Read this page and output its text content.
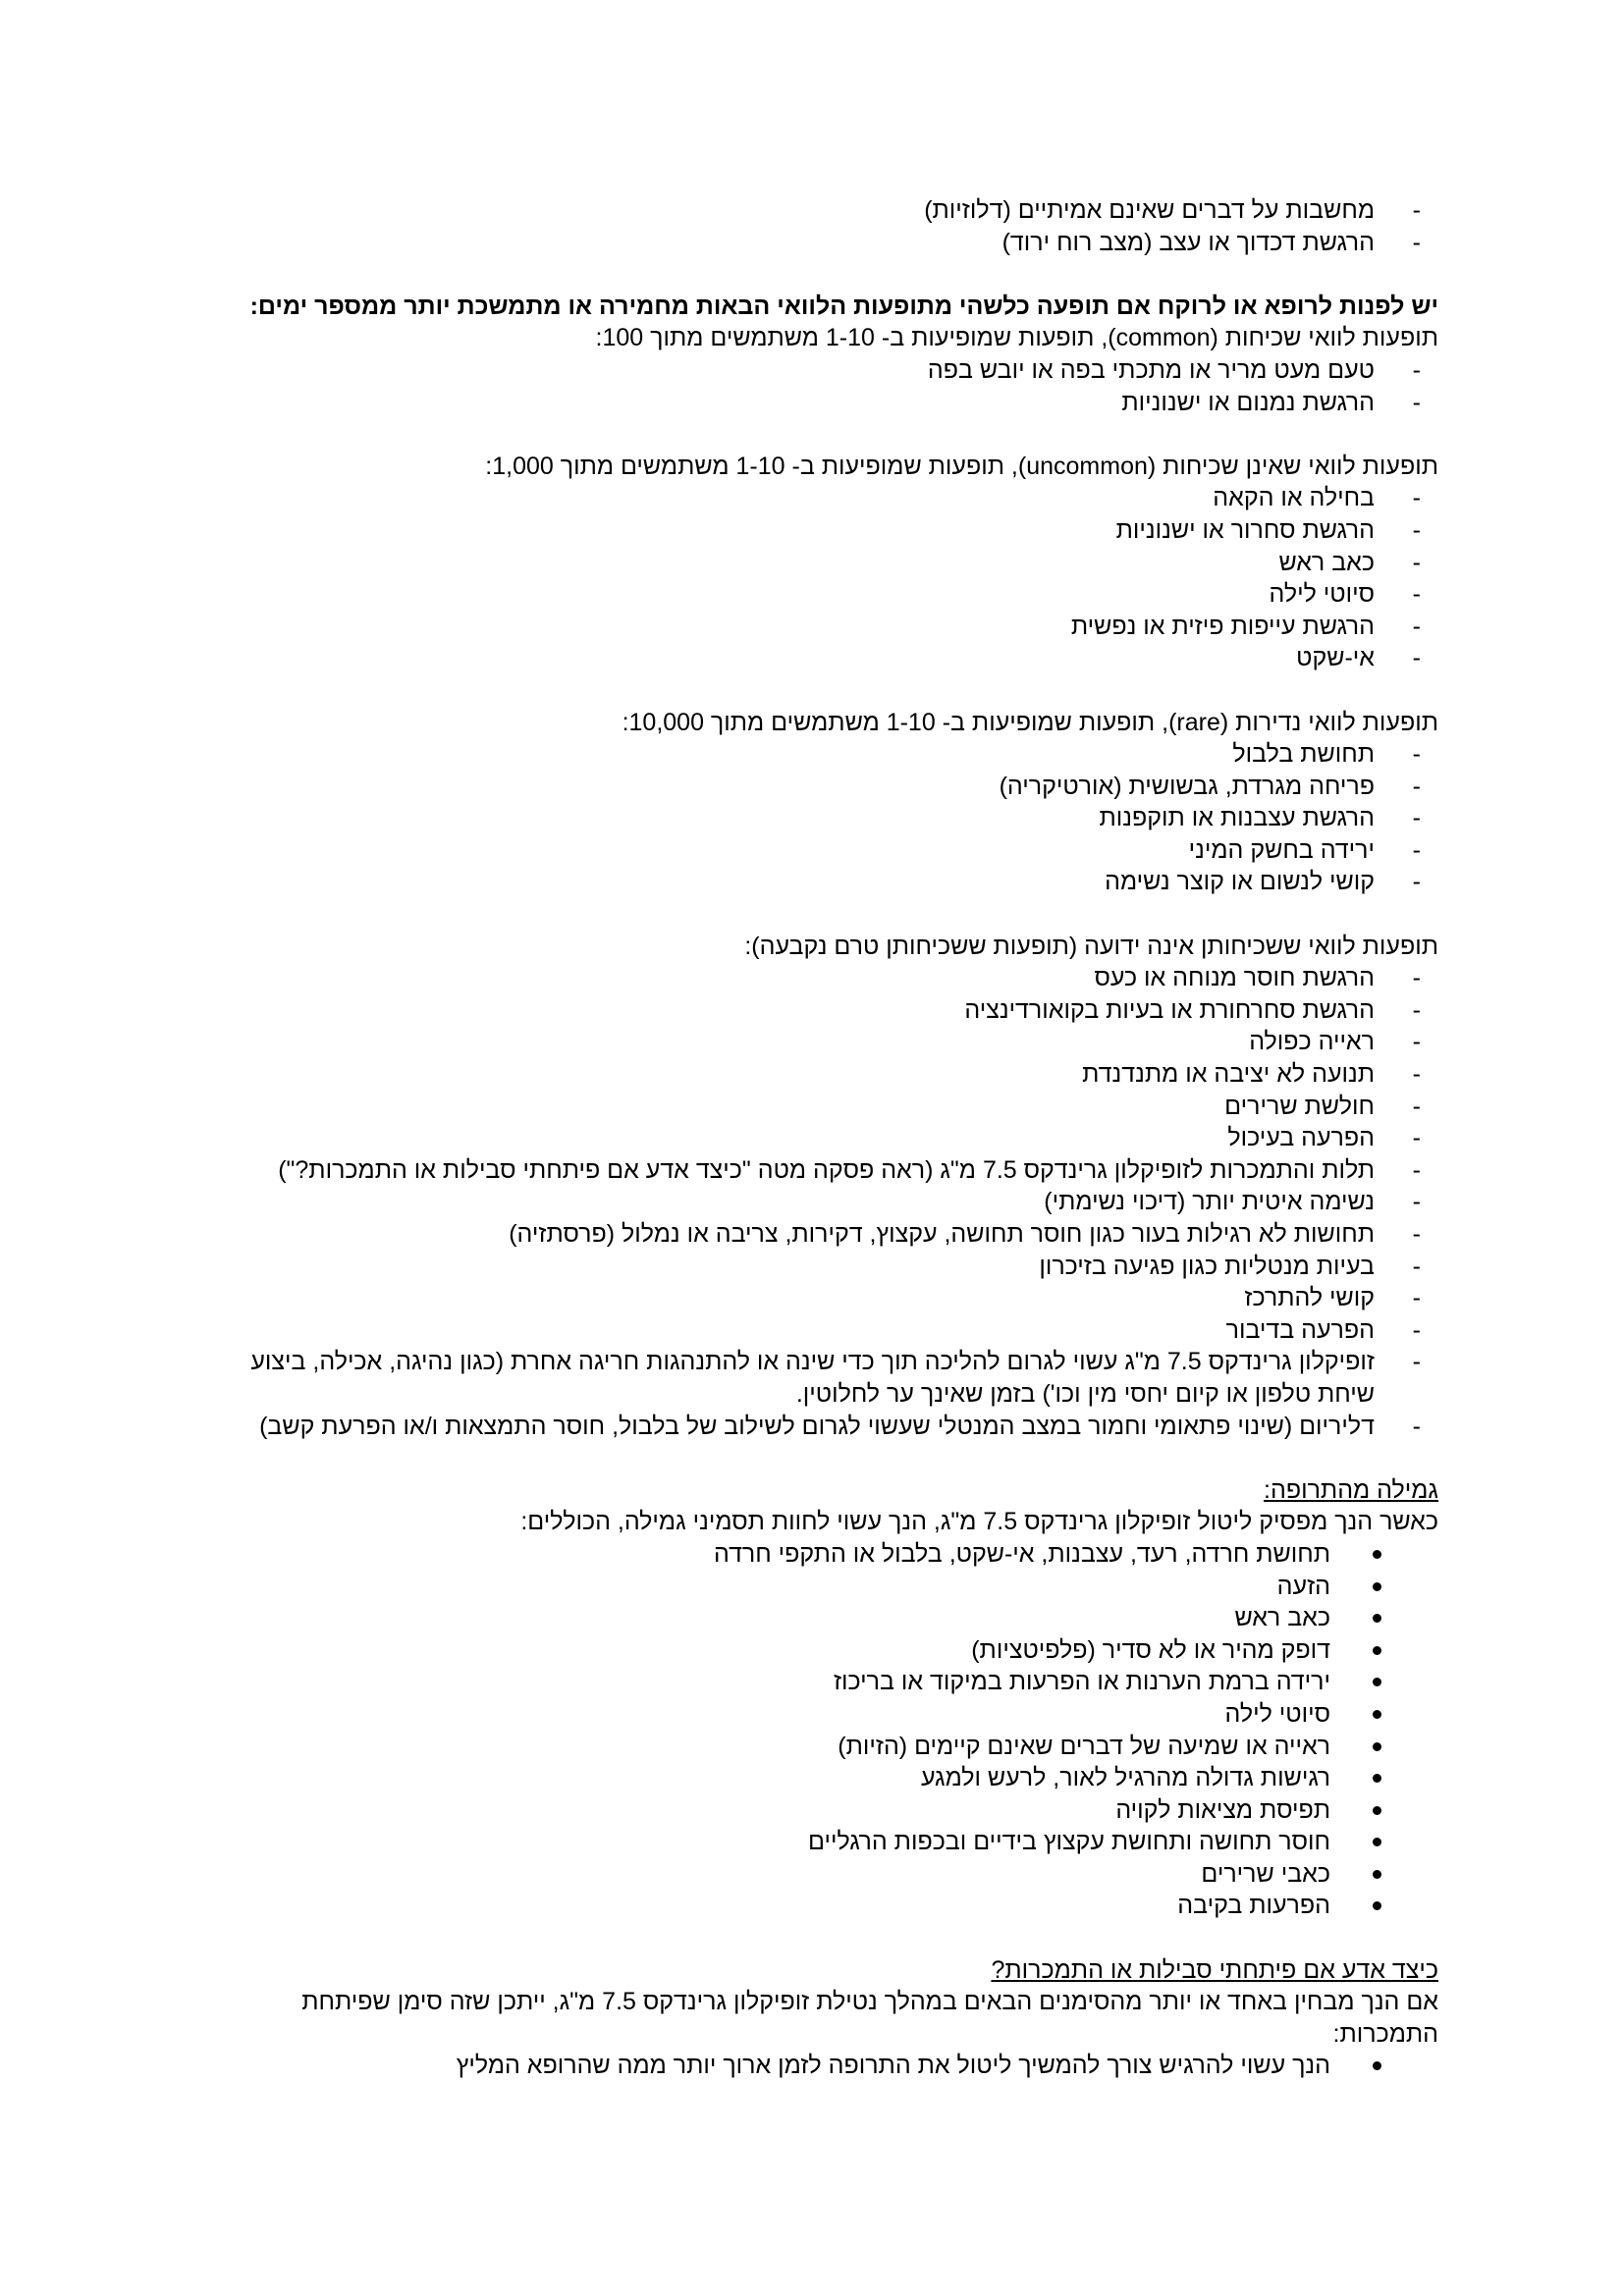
- מחשבות על דברים שאינם אמיתיים (דלוזיות)
- הרגשת דכדוך או עצב (מצב רוח ירוד)

יש לפנות לרופא או לרוקח אם תופעה כלשהי מתופעות הלוואי הבאות מחמירה או מתמשכת יותר ממספר ימים:

תופעות לוואי שכיחות (common), תופעות שמופיעות ב- 1-10 משתמשים מתוך 100:

- טעם מעט מריר או מתכתי בפה או יובש בפה
- הרגשת נמנום או ישנוניות

תופעות לוואי שאינן שכיחות (uncommon), תופעות שמופיעות ב- 1-10 משתמשים מתוך 1,000:

- בחילה או הקאה
- הרגשת סחרור או ישנוניות
- כאב ראש
- סיוטי לילה
- הרגשת עייפות פיזית או נפשית
- אי-שקט

תופעות לוואי נדירות (rare), תופעות שמופיעות ב- 1-10 משתמשים מתוך 10,000:

- תחושת בלבול
- פריחה מגרדת, גבשושית (אורטיקריה)
- הרגשת עצבנות או תוקפנות
- ירידה בחשק המיני
- קושי לנשום או קוצר נשימה

תופעות לוואי ששכיחותן אינה ידועה (תופעות ששכיחותן טרם נקבעה):

- הרגשת חוסר מנוחה או כעס
- הרגשת סחרחורת או בעיות בקואורדינציה
- ראייה כפולה
- תנועה לא יציבה או מתנדנדת
- חולשת שרירים
- הפרעה בעיכול
- תלות והתמכרות לזופיקלון גרינדקס 7.5 מ"ג (ראה פסקה מטה "כיצד אדע אם פיתחתי סבילות או התמכרות?")
- נשימה איטית יותר (דיכוי נשימתי)
- תחושות לא רגילות בעור כגון חוסר תחושה, עקצוץ, דקירות, צריבה או נמלול (פרסתזיה)
- בעיות מנטליות כגון פגיעה בזיכרון
- קושי להתרכז
- הפרעה בדיבור
- זופיקלון גרינדקס 7.5 מ"ג עשוי לגרום להליכה תוך כדי שינה או להתנהגות חריגה אחרת (כגון נהיגה, אכילה, ביצוע שיחת טלפון או קיום יחסי מין וכו') בזמן שאינך ער לחלוטין.
- דליריום (שינוי פתאומי וחמור במצב המנטלי שעשוי לגרום לשילוב של בלבול, חוסר התמצאות ו/או הפרעת קשב)

גמילה מהתרופה:

כאשר הנך מפסיק ליטול זופיקלון גרינדקס 7.5 מ"ג, הנך עשוי לחוות תסמיני גמילה, הכוללים:

תחושת חרדה, רעד, עצבנות, אי-שקט, בלבול או התקפי חרדה
הזעה
כאב ראש
דופק מהיר או לא סדיר (פלפיטציות)
ירידה ברמת הערנות או הפרעות במיקוד או בריכוז
סיוטי לילה
ראייה או שמיעה של דברים שאינם קיימים (הזיות)
רגישות גדולה מהרגיל לאור, לרעש ולמגע
תפיסת מציאות לקויה
חוסר תחושה ותחושת עקצוץ בידיים ובכפות הרגליים
כאבי שרירים
הפרעות בקיבה

כיצד אדע אם פיתחתי סבילות או התמכרות?

אם הנך מבחין באחד או יותר מהסימנים הבאים במהלך נטילת זופיקלון גרינדקס 7.5 מ"ג, ייתכן שזה סימן שפיתחת התמכרות:

הנך עשוי להרגיש צורך להמשיך ליטול את התרופה לזמן ארוך יותר ממה שהרופא המליץ
